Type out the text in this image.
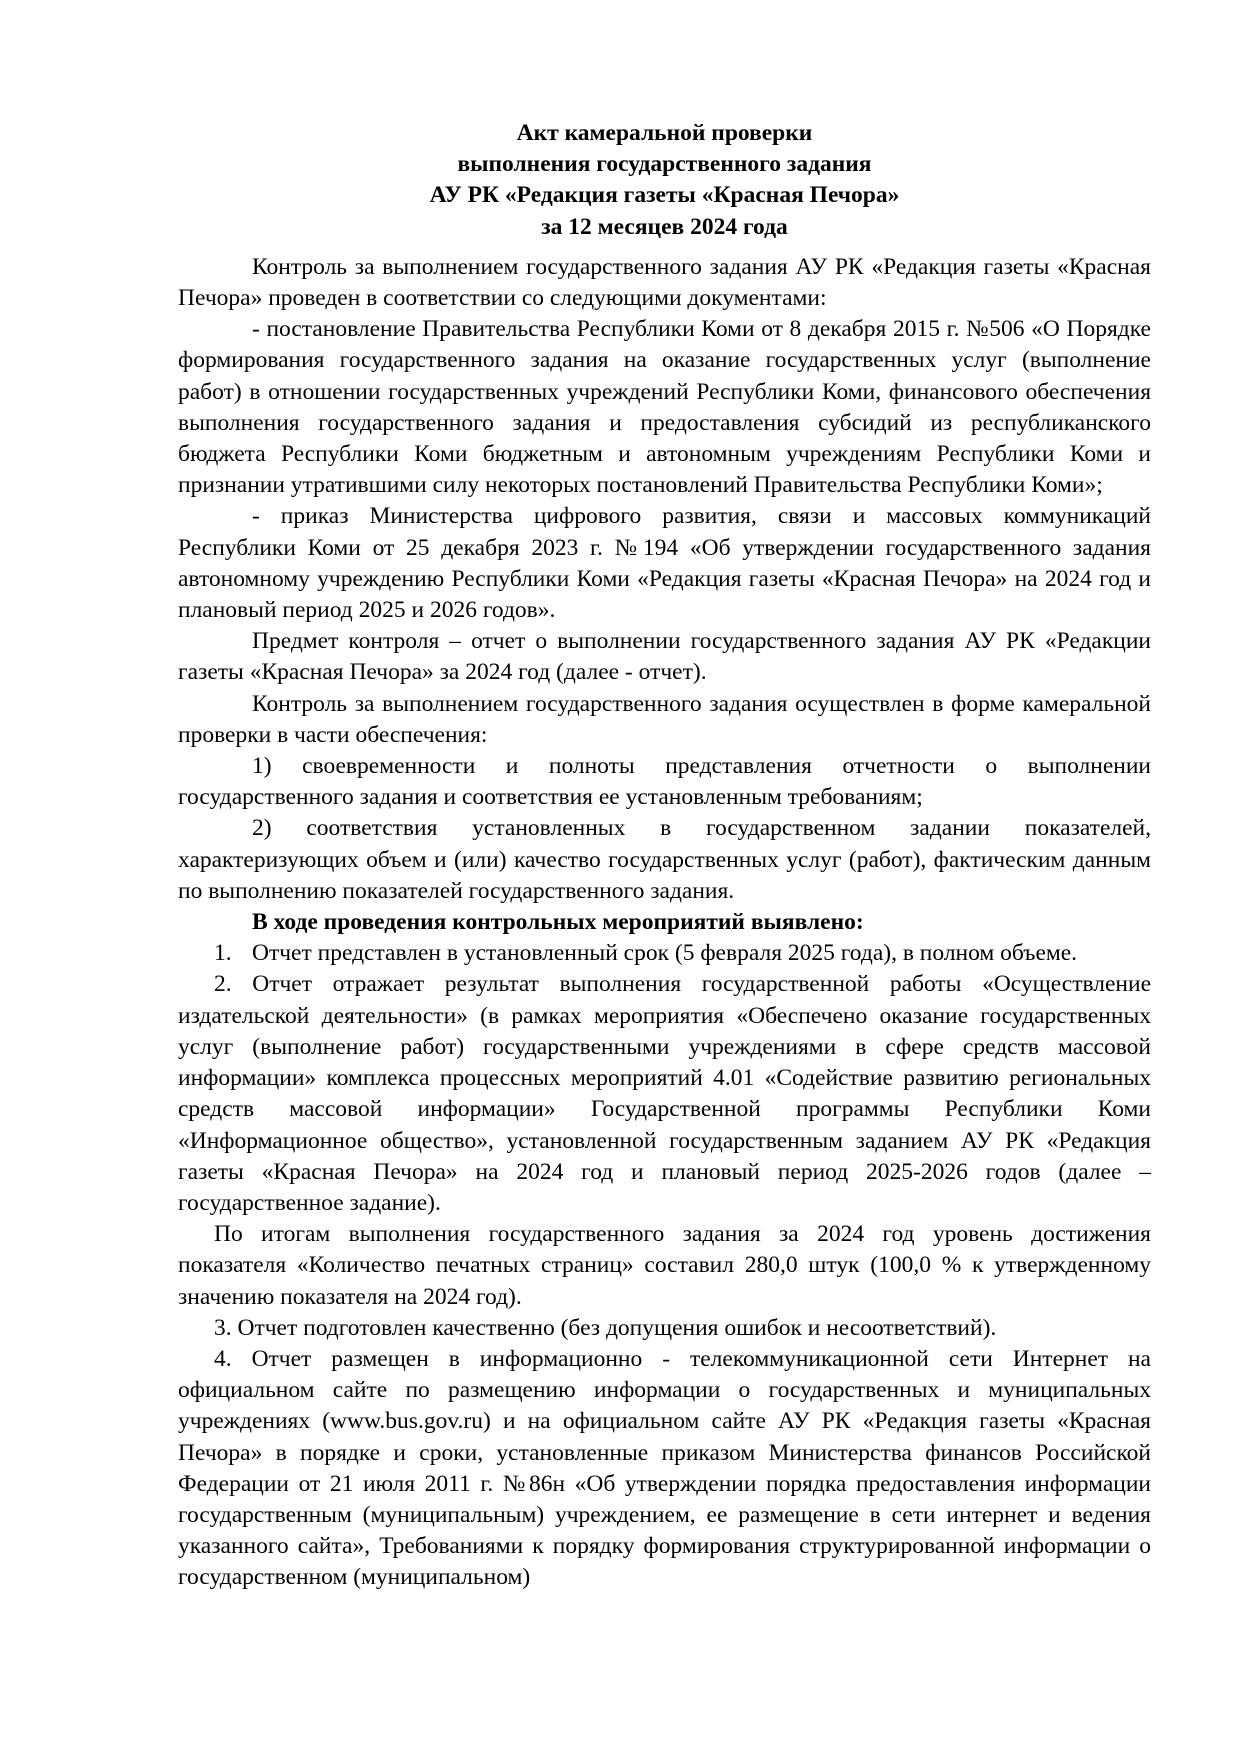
Акт камеральной проверки
выполнения государственного задания
АУ РК «Редакция газеты «Красная Печора»
за 12 месяцев 2024 года

Контроль за выполнением государственного задания АУ РК «Редакция газеты «Красная Печора» проведен в соответствии со следующими документами:

- постановление Правительства Республики Коми от 8 декабря 2015 г. №506 «О Порядке формирования государственного задания на оказание государственных услуг (выполнение работ) в отношении государственных учреждений Республики Коми, финансового обеспечения выполнения государственного задания и предоставления субсидий из республиканского бюджета Республики Коми бюджетным и автономным учреждениям Республики Коми и признании утратившими силу некоторых постановлений Правительства Республики Коми»;

- приказ Министерства цифрового развития, связи и массовых коммуникаций Республики Коми от 25 декабря 2023 г. №194 «Об утверждении государственного задания автономному учреждению Республики Коми «Редакция газеты «Красная Печора» на 2024 год и плановый период 2025 и 2026 годов».

Предмет контроля – отчет о выполнении государственного задания АУ РК «Редакции газеты «Красная Печора» за 2024 год (далее - отчет).

Контроль за выполнением государственного задания осуществлен в форме камеральной проверки в части обеспечения:

1) своевременности и полноты представления отчетности о выполнении государственного задания и соответствия ее установленным требованиям;

2) соответствия установленных в государственном задании показателей, характеризующих объем и (или) качество государственных услуг (работ), фактическим данным по выполнению показателей государственного задания.

В ходе проведения контрольных мероприятий выявлено:

1. Отчет представлен в установленный срок (5 февраля 2025 года), в полном объеме.

2. Отчет отражает результат выполнения государственной работы «Осуществление издательской деятельности» (в рамках мероприятия «Обеспечено оказание государственных услуг (выполнение работ) государственными учреждениями в сфере средств массовой информации» комплекса процессных мероприятий 4.01 «Содействие развитию региональных средств массовой информации» Государственной программы Республики Коми «Информационное общество», установленной государственным заданием АУ РК «Редакция газеты «Красная Печора» на 2024 год и плановый период 2025-2026 годов (далее – государственное задание).

По итогам выполнения государственного задания за 2024 год уровень достижения показателя «Количество печатных страниц» составил 280,0 штук (100,0 % к утвержденному значению показателя на 2024 год).

3. Отчет подготовлен качественно (без допущения ошибок и несоответствий).

4. Отчет размещен в информационно - телекоммуникационной сети Интернет на официальном сайте по размещению информации о государственных и муниципальных учреждениях (www.bus.gov.ru) и на официальном сайте АУ РК «Редакция газеты «Красная Печора» в порядке и сроки, установленные приказом Министерства финансов Российской Федерации от 21 июля 2011 г. №86н «Об утверждении порядка предоставления информации государственным (муниципальным) учреждением, ее размещение в сети интернет и ведения указанного сайта», Требованиями к порядку формирования структурированной информации о государственном (муниципальном)
